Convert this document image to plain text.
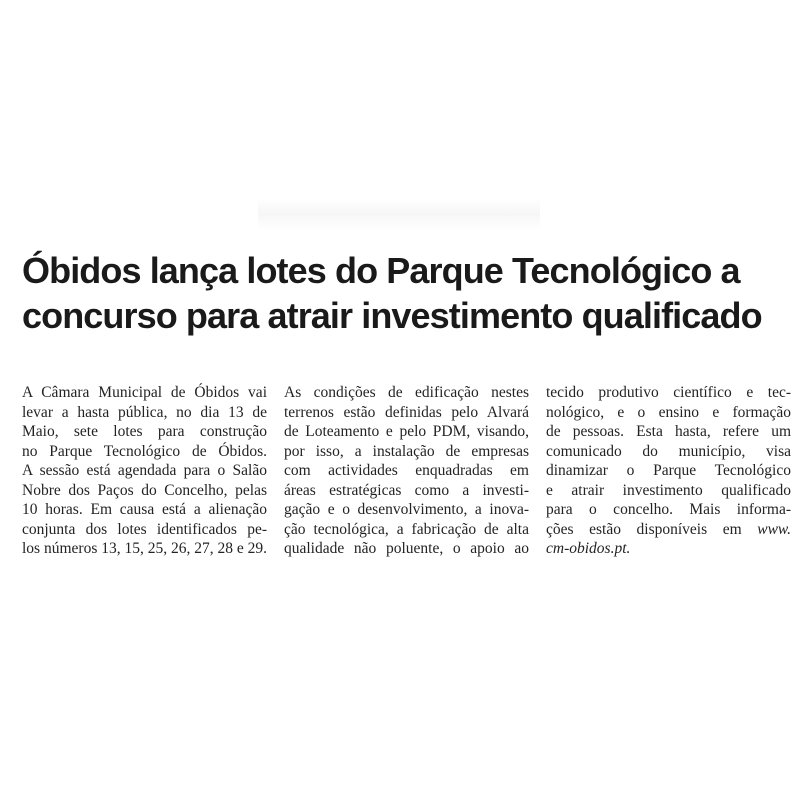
Óbidos lança lotes do Parque Tecnológico a
concurso para atrair investimento qualificado
A Câmara Municipal de Óbidos vai
levar a hasta pública, no dia 13 de
Maio, sete lotes para construção
no Parque Tecnológico de Óbidos.
A sessão está agendada para o Salão
Nobre dos Paços do Concelho, pelas
10 horas. Em causa está a alienação
conjunta dos lotes identificados pe-
los números 13, 15, 25, 26, 27, 28 e 29.
As condições de edificação nestes
terrenos estão definidas pelo Alvará
de Loteamento e pelo PDM, visando,
por isso, a instalação de empresas
com actividades enquadradas em
áreas estratégicas como a investi-
gação e o desenvolvimento, a inova-
ção tecnológica, a fabricação de alta
qualidade não poluente, o apoio ao
tecido produtivo científico e tec-
nológico, e o ensino e formação
de pessoas. Esta hasta, refere um
comunicado do município, visa
dinamizar o Parque Tecnológico
e atrair investimento qualificado
para o concelho. Mais informa-
ções estão disponíveis em www.
cm-obidos.pt.
